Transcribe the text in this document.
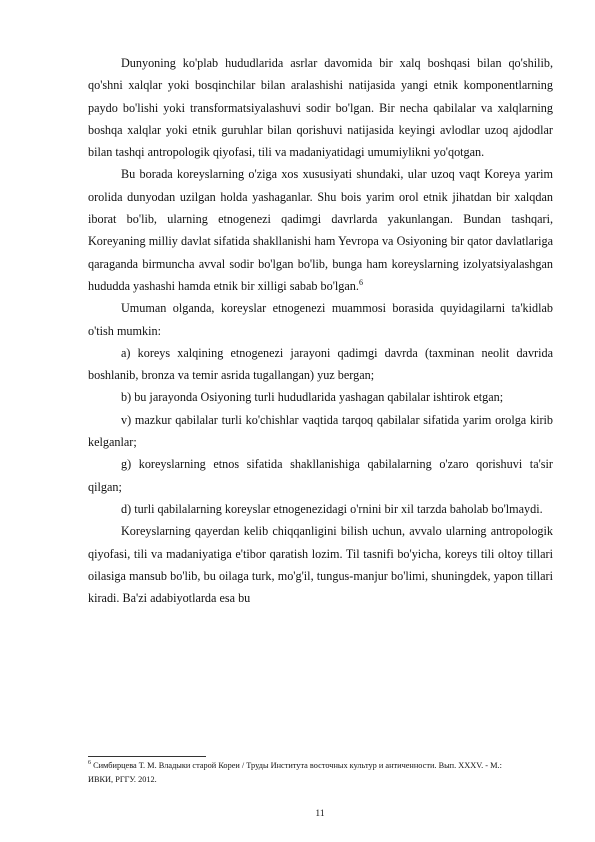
Dunyoning ko'plab hududlarida asrlar davomida bir xalq boshqasi bilan qo'shilib, qo'shni xalqlar yoki bosqinchilar bilan aralashishi natijasida yangi etnik komponentlarning paydo bo'lishi yoki transformatsiyalashuvi sodir bo'lgan. Bir necha qabilalar va xalqlarning boshqa xalqlar yoki etnik guruhlar bilan qorishuvi natijasida keyingi avlodlar uzoq ajdodlar bilan tashqi antropologik qiyofasi, tili va madaniyatidagi umumiylikni yo'qotgan.

Bu borada koreyslarning o'ziga xos xususiyati shundaki, ular uzoq vaqt Koreya yarim orolida dunyodan uzilgan holda yashaganlar. Shu bois yarim orol etnik jihatdan bir xalqdan iborat bo'lib, ularning etnogenezi qadimgi davrlarda yakunlangan. Bundan tashqari, Koreyaning milliy davlat sifatida shakllanishi ham Yevropa va Osiyoning bir qator davlatlariga qaraganda birmuncha avval sodir bo'lgan bo'lib, bunga ham koreyslarning izolyatsiyalashgan hududda yashashi hamda etnik bir xilligi sabab bo'lgan.$^6$

Umuman olganda, koreyslar etnogenezi muammosi borasida quyidagilarni ta'kidlab o'tish mumkin:

a) koreys xalqining etnogenezi jarayoni qadimgi davrda (taxminan neolit davrida boshlanib, bronza va temir asrida tugallangan) yuz bergan;

b) bu jarayonda Osiyoning turli hududlarida yashagan qabilalar ishtirok etgan;

v) mazkur qabilalar turli ko'chishlar vaqtida tarqoq qabilalar sifatida yarim orolga kirib kelganlar;

g) koreyslarning etnos sifatida shakllanishiga qabilalarning o'zaro qorishuvi ta'sir qilgan;

d) turli qabilalarning koreyslar etnogenezidagi o'rnini bir xil tarzda baholab bo'lmaydi.

Koreyslarning qayerdan kelib chiqqanligini bilish uchun, avvalo ularning antropologik qiyofasi, tili va madaniyatiga e'tibor qaratish lozim. Til tasnifi bo'yicha, koreys tili oltoy tillari oilasiga mansub bo'lib, bu oilaga turk, mo'g'il, tungus-manjur bo'limi, shuningdek, yapon tillari kiradi. Ba'zi adabiyotlarda esa bu

$^6$ Симбирцева Т. М. Владыки старой Кореи / Труды Института восточных культур и античенности. Вып. XXXV. - М.: ИВКИ, РГГУ. 2012.

11
